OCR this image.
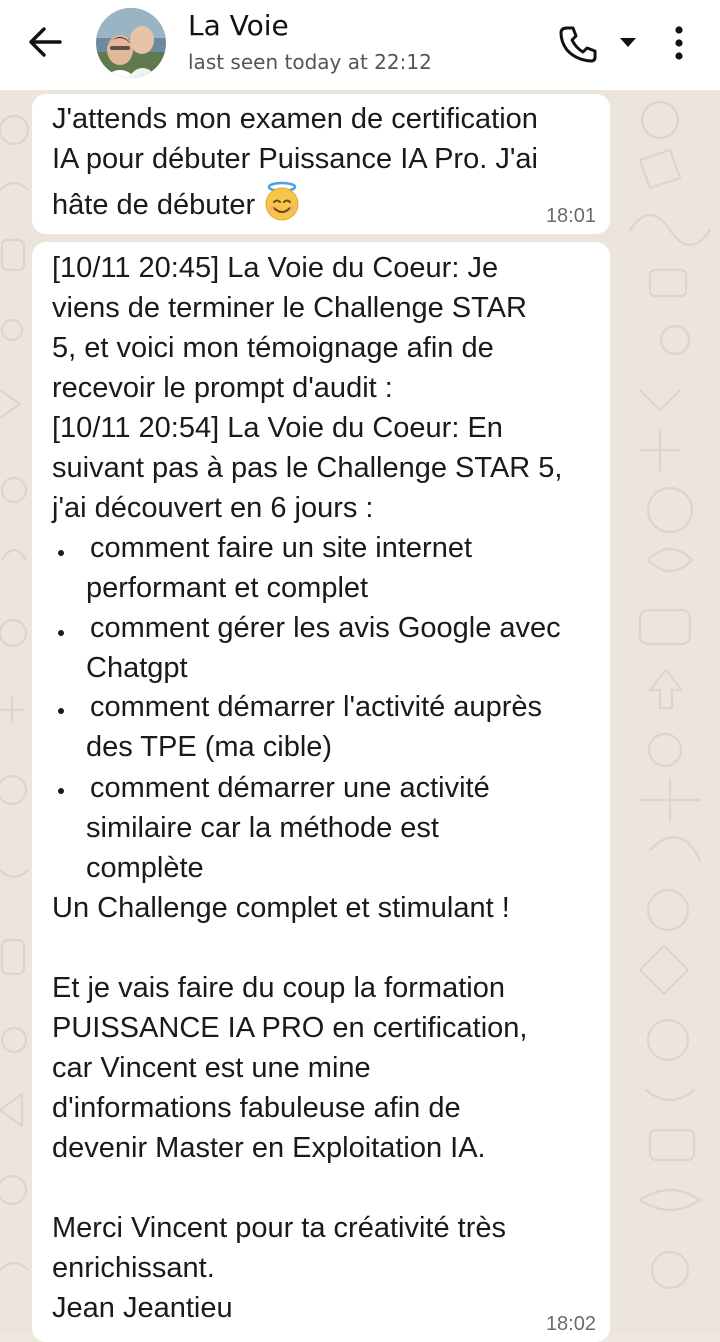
La Voie
last seen today at 22:12
J'attends mon examen de certification
IA pour débuter Puissance IA Pro. J'ai
hâte de débuter	18:01
[10/11 20:45] La Voie du Coeur: Je
viens de terminer le Challenge STAR
5, et voici mon témoignage afin de
recevoir le prompt d'audit :
[10/11 20:54] La Voie du Coeur: En
suivant pas à pas le Challenge STAR 5,
j'ai découvert en 6 jours :
comment faire un site internet
performant et complet
comment gérer les avis Google avec
Chatgpt
comment démarrer l'activité auprès
des TPE (ma cible)
comment démarrer une activité
similaire car la méthode est
complète
Un Challenge complet et stimulant !
Et je vais faire du coup la formation
PUISSANCE IA PRO en certification,
car Vincent est une mine
d'informations fabuleuse afin de
devenir Master en Exploitation IA.
Merci Vincent pour ta créativité très
enrichissant.
Jean Jeantieu	18:02
